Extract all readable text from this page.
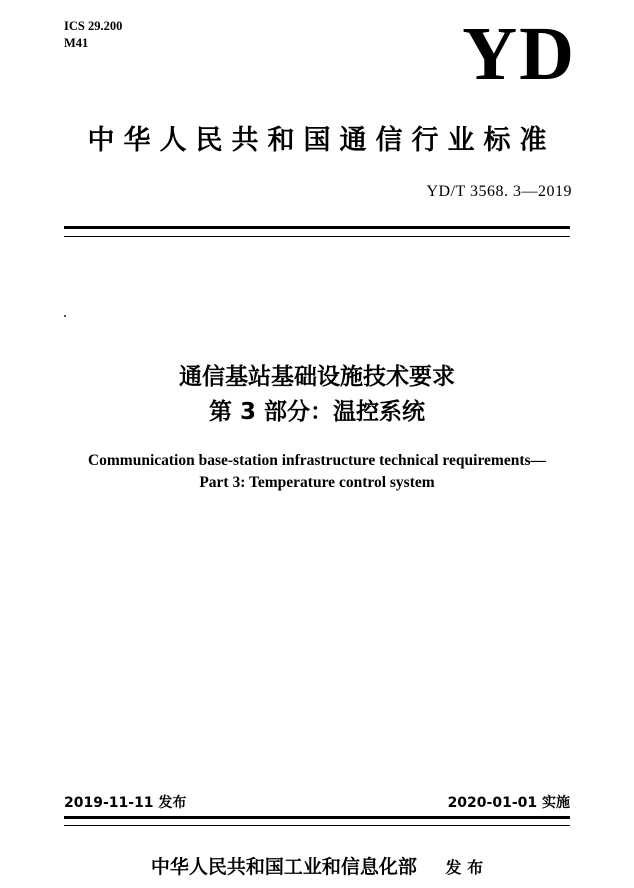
ICS 29.200
M41	YD
中华人民共和国通信行业标准
YD/T 3568. 3—2019
通信基站基础设施技术要求
第 3 部分：温控系统
Communication base-station infrastructure technical requirements—
Part 3: Temperature control system
2019-11-11 发布	2020-01-01 实施
中华人民共和国工业和信息化部 发 布
